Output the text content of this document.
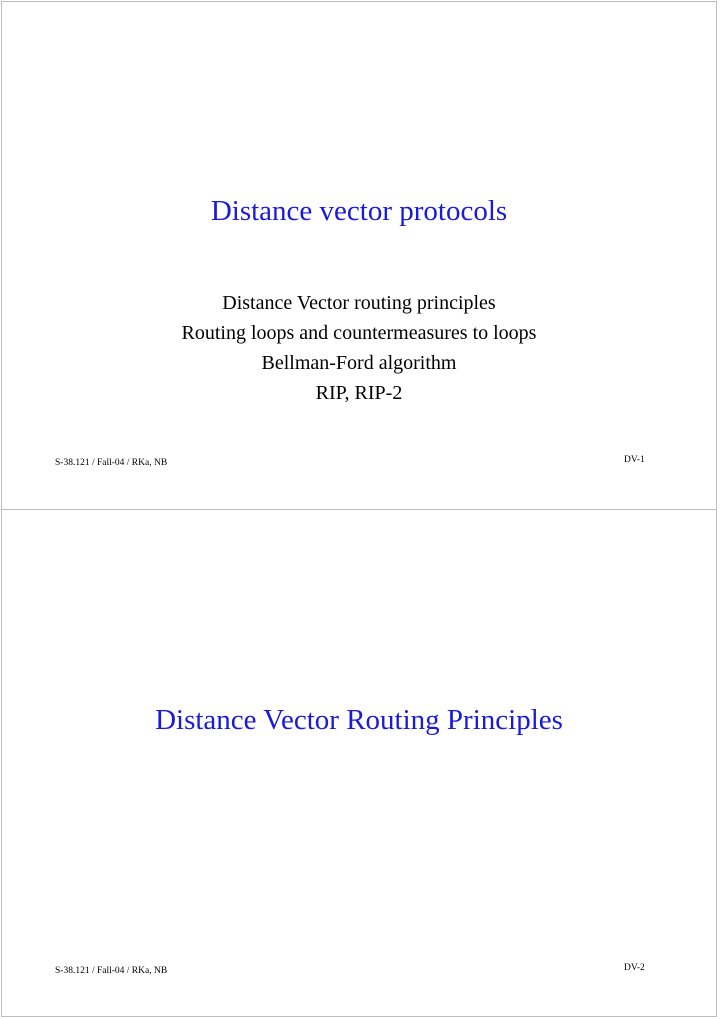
Distance vector protocols
Distance Vector routing principles
Routing loops and countermeasures to loops
Bellman-Ford algorithm
RIP, RIP-2
S-38.121 / Fall-04 / RKa, NB	DV-1
Distance Vector Routing Principles
S-38.121 / Fall-04 / RKa, NB	DV-2
